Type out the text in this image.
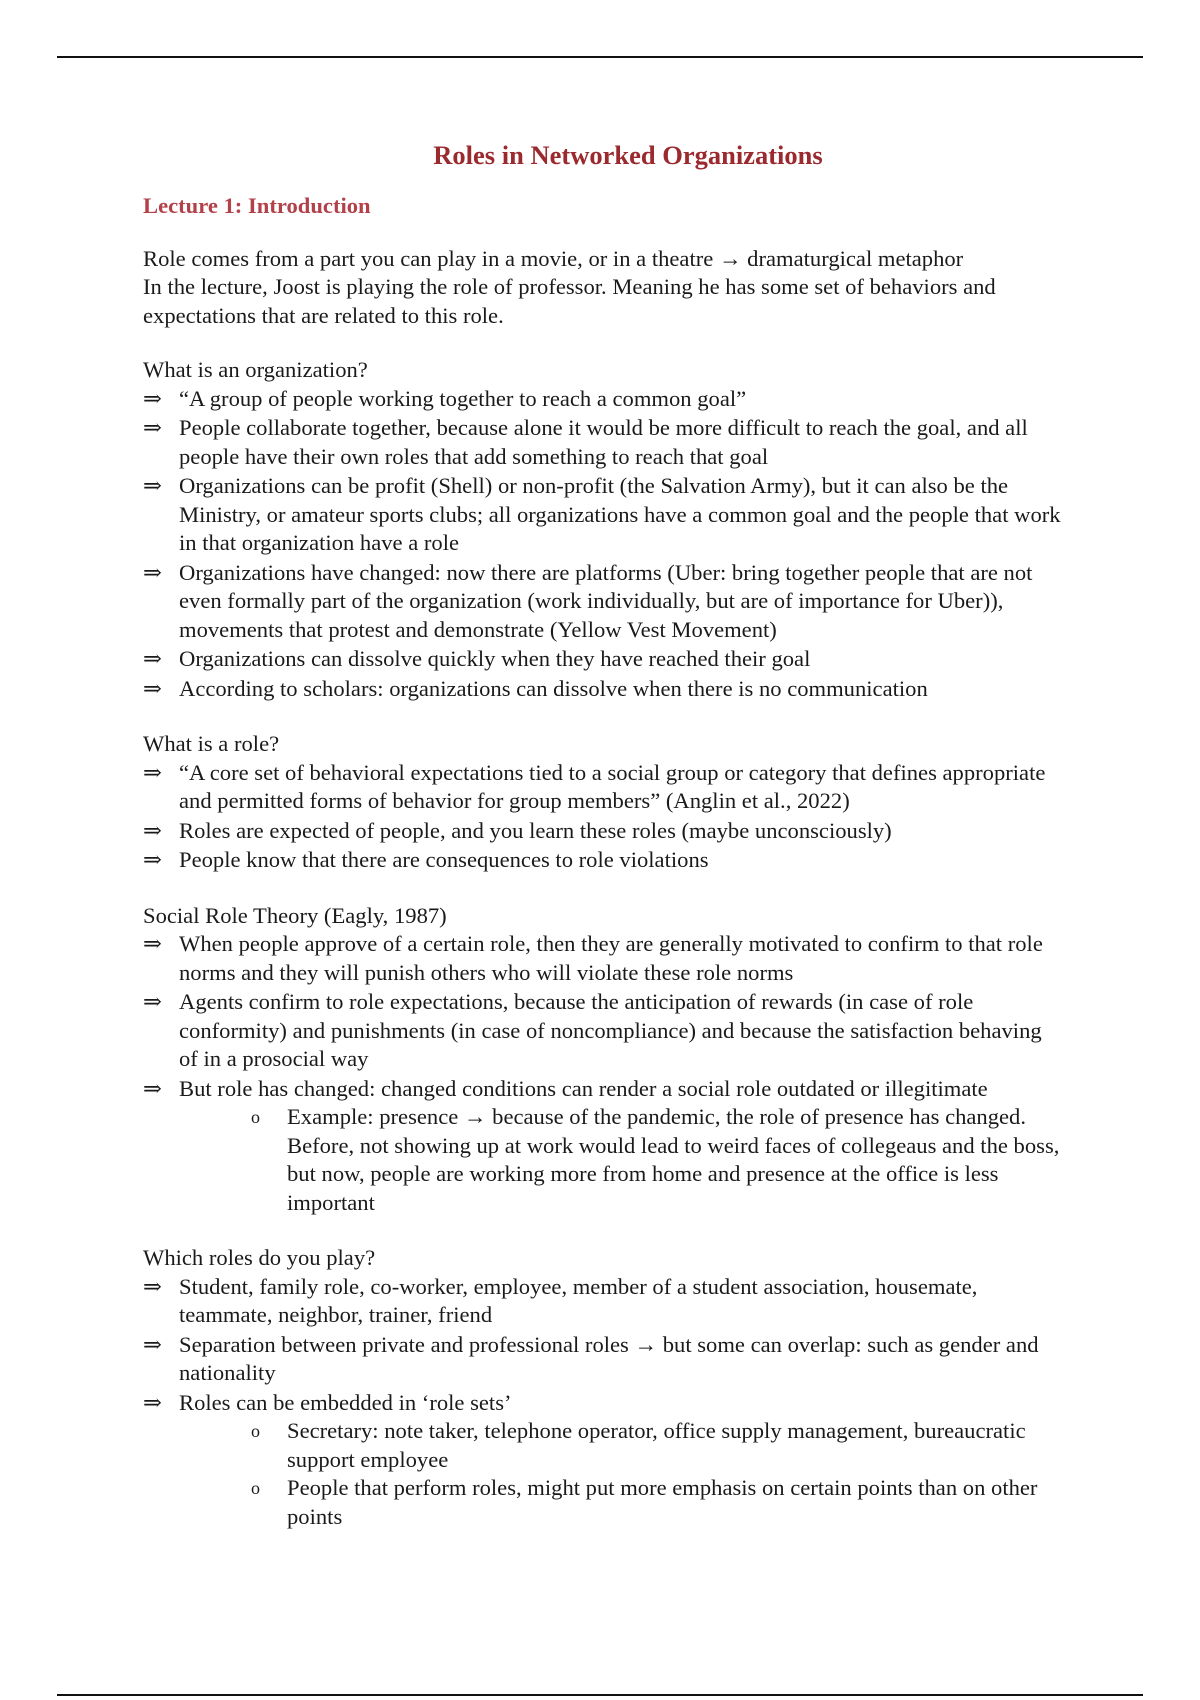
Roles in Networked Organizations
Lecture 1: Introduction

Role comes from a part you can play in a movie, or in a theatre → dramaturgical metaphor

In the lecture, Joost is playing the role of professor. Meaning he has some set of behaviors and expectations that are related to this role.

What is an organization?

⇒ “A group of people working together to reach a common goal”
⇒ People collaborate together, because alone it would be more difficult to reach the goal, and all people have their own roles that add something to reach that goal
⇒ Organizations can be profit (Shell) or non-profit (the Salvation Army), but it can also be the Ministry, or amateur sports clubs; all organizations have a common goal and the people that work in that organization have a role
⇒ Organizations have changed: now there are platforms (Uber: bring together people that are not even formally part of the organization (work individually, but are of importance for Uber)), movements that protest and demonstrate (Yellow Vest Movement)
⇒ Organizations can dissolve quickly when they have reached their goal
⇒ According to scholars: organizations can dissolve when there is no communication

What is a role?

⇒ “A core set of behavioral expectations tied to a social group or category that defines appropriate and permitted forms of behavior for group members” (Anglin et al., 2022)
⇒ Roles are expected of people, and you learn these roles (maybe unconsciously)
⇒ People know that there are consequences to role violations

Social Role Theory (Eagly, 1987)

⇒ When people approve of a certain role, then they are generally motivated to confirm to that role norms and they will punish others who will violate these role norms
⇒ Agents confirm to role expectations, because the anticipation of rewards (in case of role conformity) and punishments (in case of noncompliance) and because the satisfaction behaving of in a prosocial way
⇒ But role has changed: changed conditions can render a social role outdated or illegitimate
o Example: presence → because of the pandemic, the role of presence has changed. Before, not showing up at work would lead to weird faces of collegeaus and the boss, but now, people are working more from home and presence at the office is less important

Which roles do you play?

⇒ Student, family role, co-worker, employee, member of a student association, housemate, teammate, neighbor, trainer, friend
⇒ Separation between private and professional roles → but some can overlap: such as gender and nationality
⇒ Roles can be embedded in ‘role sets’
o Secretary: note taker, telephone operator, office supply management, bureaucratic support employee
o People that perform roles, might put more emphasis on certain points than on other points
